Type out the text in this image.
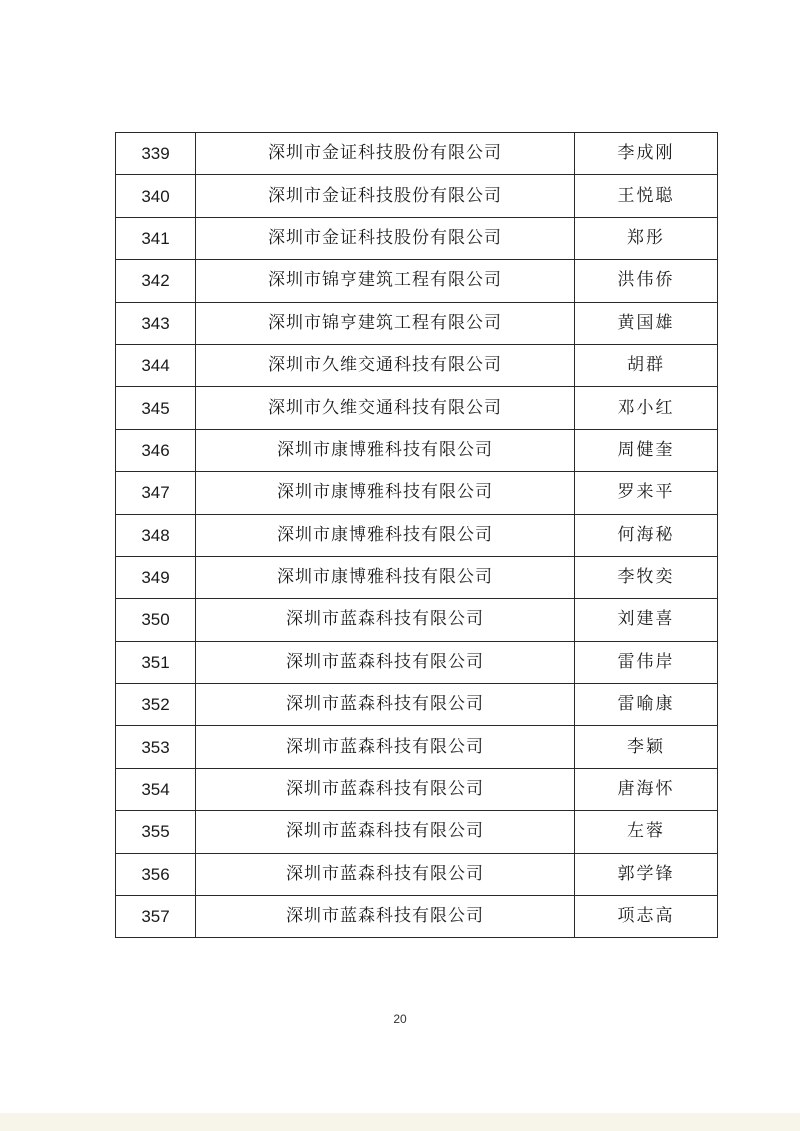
339	深圳市金证科技股份有限公司	李成刚
340	深圳市金证科技股份有限公司	王悦聪
341	深圳市金证科技股份有限公司	郑彤
342	深圳市锦亨建筑工程有限公司	洪伟侨
343	深圳市锦亨建筑工程有限公司	黄国雄
344	深圳市久维交通科技有限公司	胡群
345	深圳市久维交通科技有限公司	邓小红
346	深圳市康博雅科技有限公司	周健奎
347	深圳市康博雅科技有限公司	罗来平
348	深圳市康博雅科技有限公司	何海秘
349	深圳市康博雅科技有限公司	李牧奕
350	深圳市蓝森科技有限公司	刘建喜
351	深圳市蓝森科技有限公司	雷伟岸
352	深圳市蓝森科技有限公司	雷喻康
353	深圳市蓝森科技有限公司	李颖
354	深圳市蓝森科技有限公司	唐海怀
355	深圳市蓝森科技有限公司	左蓉
356	深圳市蓝森科技有限公司	郭学锋
357	深圳市蓝森科技有限公司	项志高
20
